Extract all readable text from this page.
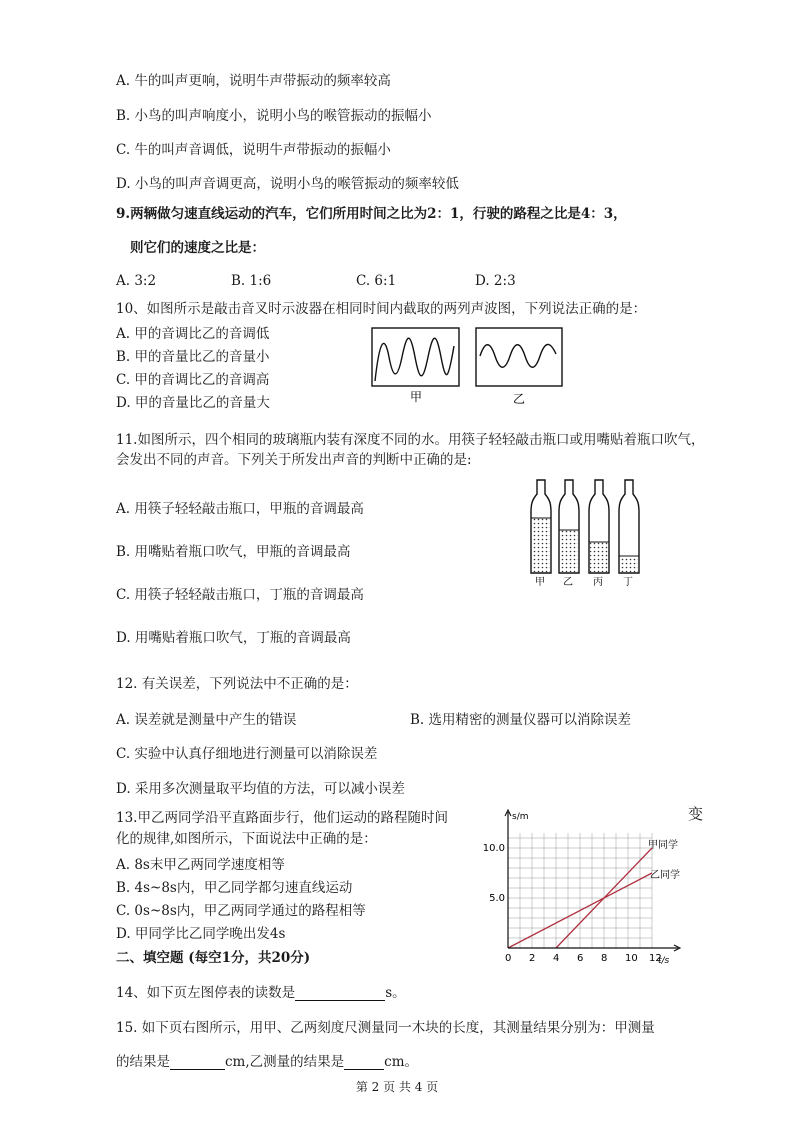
A. 牛的叫声更响，说明牛声带振动的频率较高
B. 小鸟的叫声响度小，说明小鸟的喉管振动的振幅小
C. 牛的叫声音调低，说明牛声带振动的振幅小
D. 小鸟的叫声音调更高，说明小鸟的喉管振动的频率较低
9.两辆做匀速直线运动的汽车，它们所用时间之比为2：1，行驶的路程之比是4：3，
则它们的速度之比是：
A. 3:2	B. 1:6	C. 6:1	D. 2:3
10、如图所示是敲击音叉时示波器在相同时间内截取的两列声波图，下列说法正确的是：
A. 甲的音调比乙的音调低
B. 甲的音量比乙的音量小
C. 甲的音调比乙的音调高
D. 甲的音量比乙的音量大	甲	乙
11.如图所示，四个相同的玻璃瓶内装有深度不同的水。用筷子轻轻敲击瓶口或用嘴贴着瓶口吹气，
会发出不同的声音。下列关于所发出声音的判断中正确的是:
A. 用筷子轻轻敲击瓶口，甲瓶的音调最高
B. 用嘴贴着瓶口吹气，甲瓶的音调最高
C. 用筷子轻轻敲击瓶口，丁瓶的音调最高
D. 用嘴贴着瓶口吹气，丁瓶的音调最高
甲 乙 丙 丁
12. 有关误差，下列说法中不正确的是：
A. 误差就是测量中产生的错误	B. 选用精密的测量仪器可以消除误差
C. 实验中认真仔细地进行测量可以消除误差
D. 采用多次测量取平均值的方法，可以减小误差
13.甲乙两同学沿平直路面步行，他们运动的路程随时间	变
化的规律,如图所示，下面说法中正确的是：
A. 8s末甲乙两同学速度相等
B. 4s~8s内，甲乙同学都匀速直线运动
C. 0s~8s内，甲乙两同学通过的路程相等
D. 甲同学比乙同学晚出发4s
s/m
t/s
0 2 4 6 8 10 12
5.0
10.0	甲同学
乙同学
二、填空题 (每空1分，共20分)
14、如下页左图停表的读数是	s。
15. 如下页右图所示，用甲、乙两刻度尺测量同一木块的长度，其测量结果分别为：甲测量
的结果是	cm,乙测量的结果是	cm。
第 2 页 共 4 页
